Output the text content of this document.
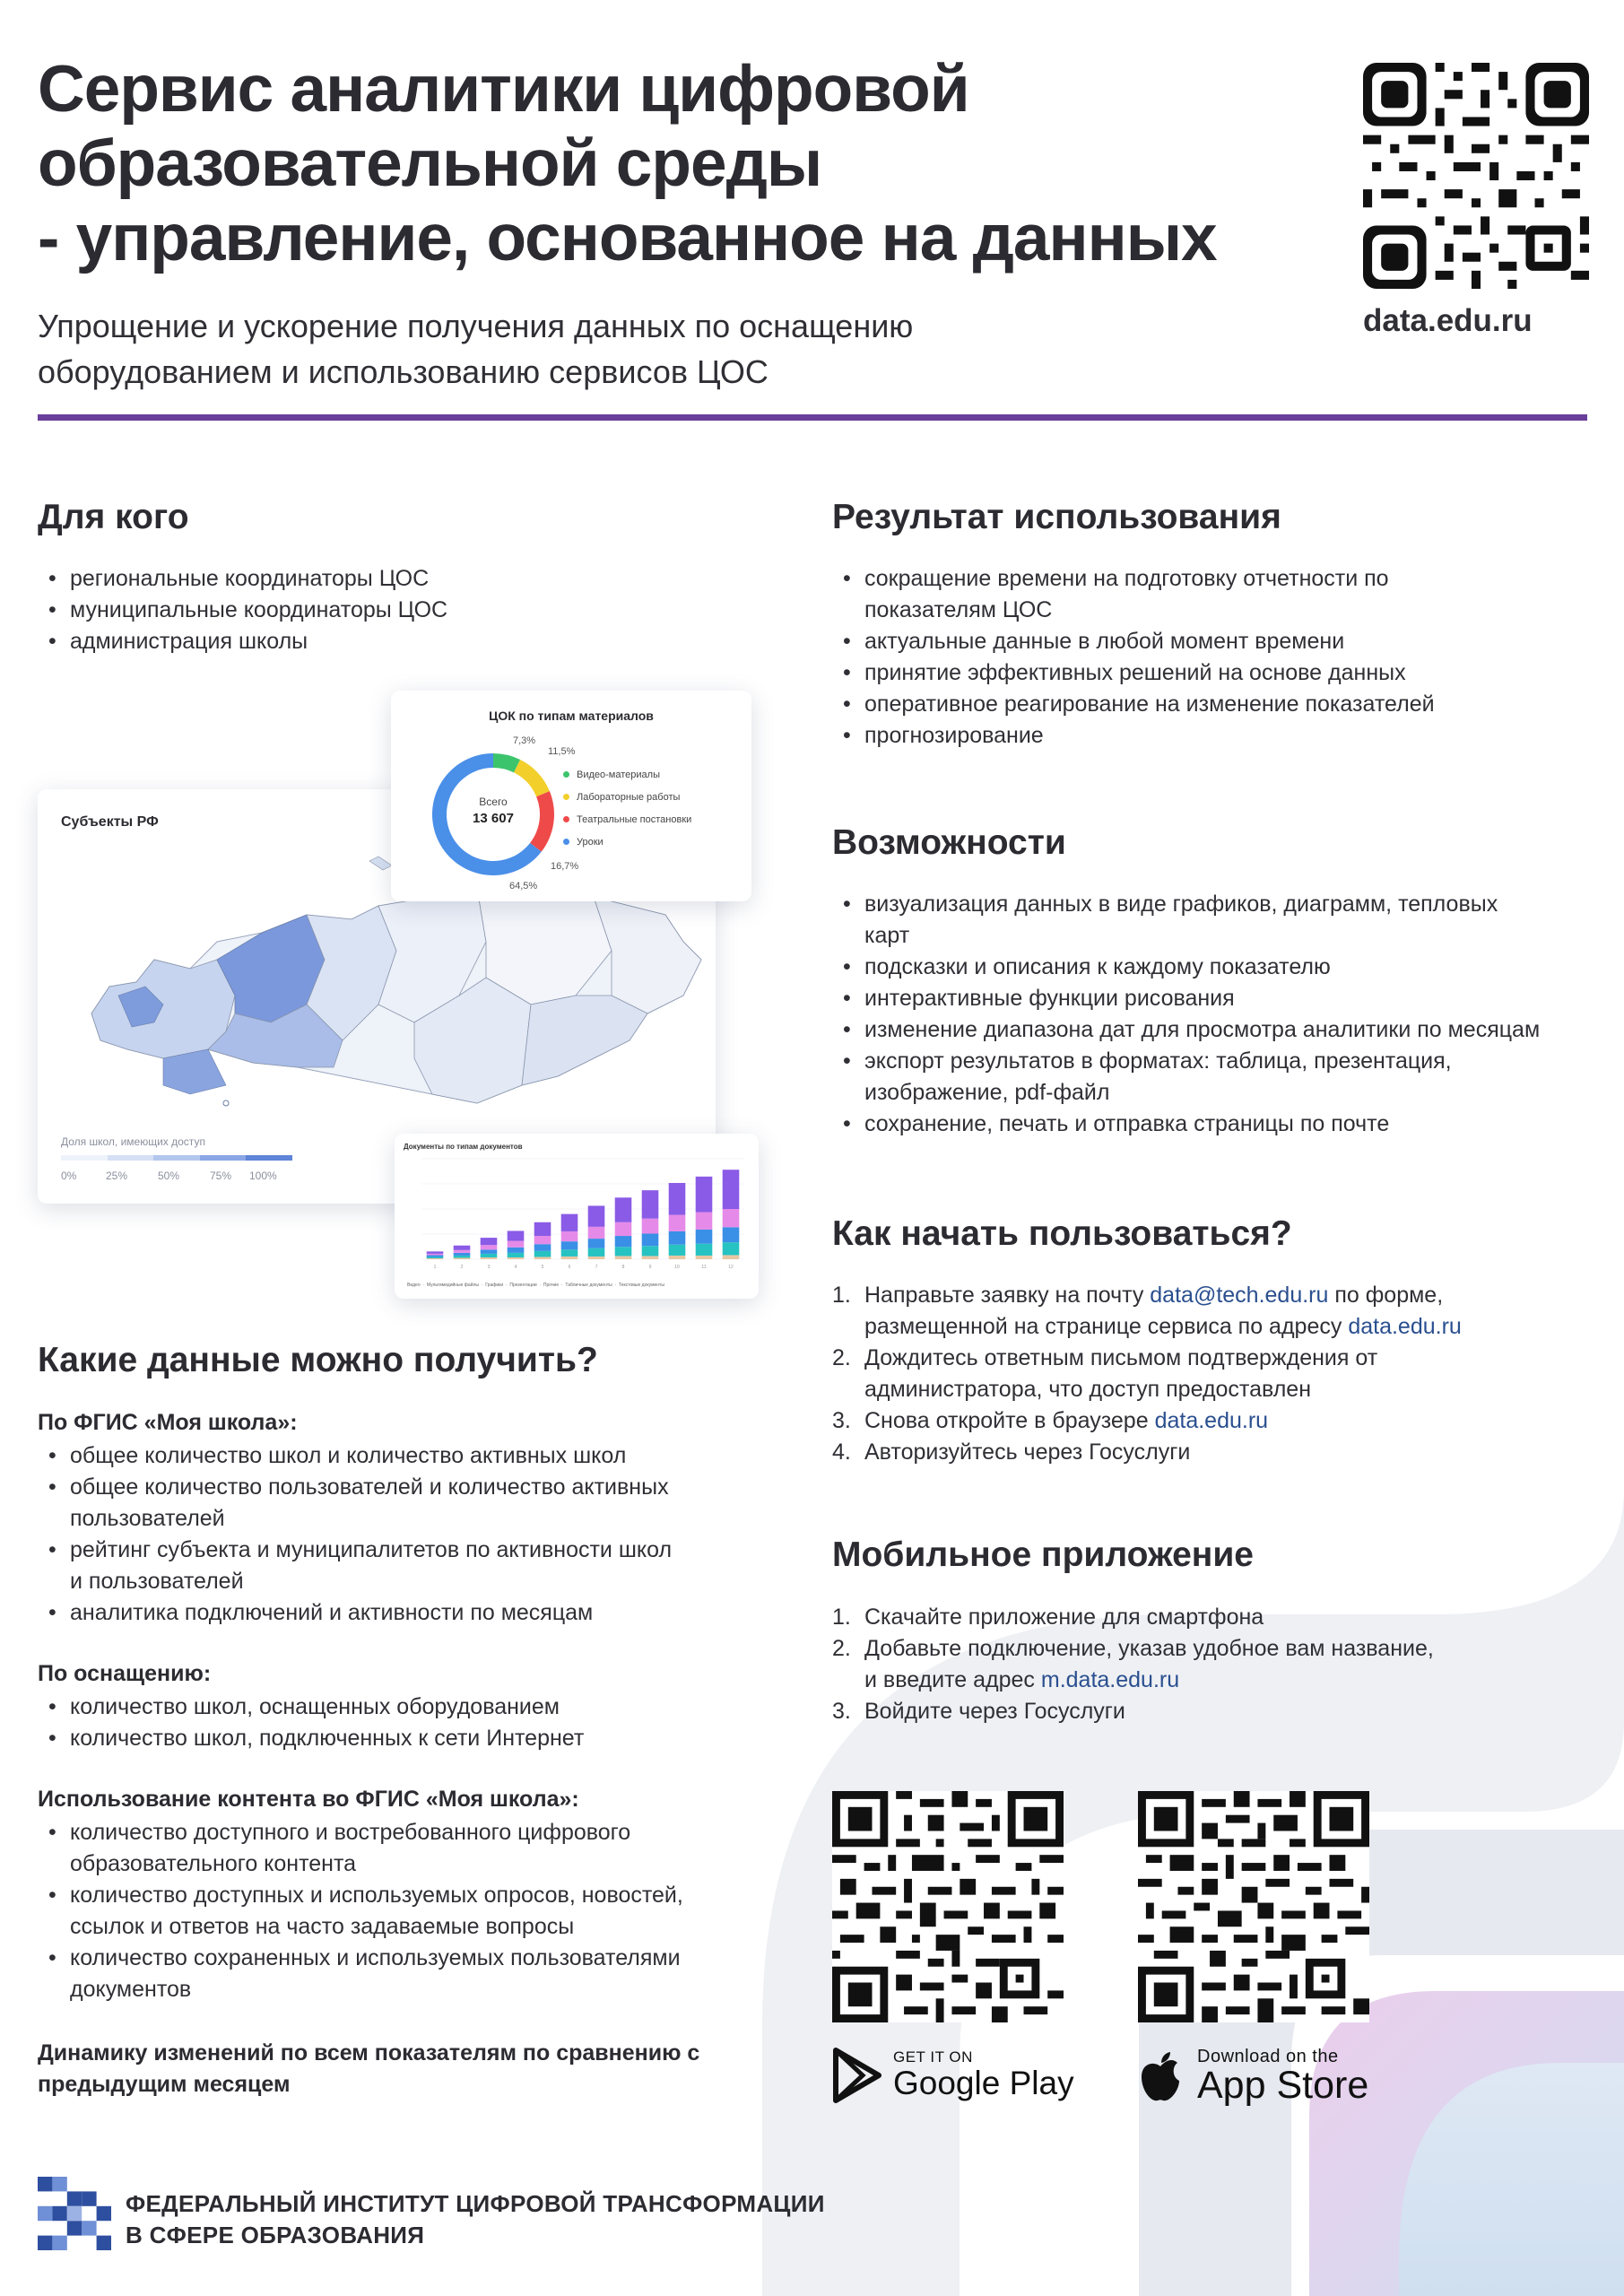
Сервис аналитики цифровой
образовательной среды
- управление, основанное на данных
Упрощение и ускорение получения данных по оснащению
оборудованием и использованию сервисов ЦОС
data.edu.ru
Для кого
• региональные координаторы ЦОС
• муниципальные координаторы ЦОС
• администрация школы
Субъекты РФ
Доля школ, имеющих доступ
0%	25%	50%	75% 100%
ЦОК по типам материалов
Всего
13 607
7,3%
11,5%
16,7%
64,5%
Видео-материалы
Лабораторные работы
Театральные постановки
Уроки
Документы по типам документов
1	2	3	4	5	6	7	8	9	10	11	12
Видео  ·  Мультимедийные файлы  ·  Графики  ·  Презентации  ·  Прочие  ·  Табличные документы  ·  Текстовые документы
Результат использования
• сокращение времени на подготовку отчетности по
показателям ЦОС
• актуальные данные в любой момент времени
• принятие эффективных решений на основе данных
• оперативное реагирование на изменение показателей
• прогнозирование
Возможности
• визуализация данных в виде графиков, диаграмм, тепловых
карт
• подсказки и описания к каждому показателю
• интерактивные функции рисования
• изменение диапазона дат для просмотра аналитики по месяцам
• экспорт результатов в форматах: таблица, презентация,
изображение, pdf-файл
• сохранение, печать и отправка страницы по почте
Как начать пользоваться?
1. Направьте заявку на почту data@tech.edu.ru по форме,
размещенной на странице сервиса по адресу data.edu.ru
2. Дождитесь ответным письмом подтверждения от
администратора, что доступ предоставлен
3. Снова откройте в браузере data.edu.ru
4. Авторизуйтесь через Госуслуги
Мобильное приложение
1. Скачайте приложение для смартфона
2. Добавьте подключение, указав удобное вам название,
и введите адрес m.data.edu.ru
3. Войдите через Госуслуги
GET IT ON
Google Play
Download on the
App Store
Какие данные можно получить?
По ФГИС «Моя школа»:
• общее количество школ и количество активных школ
• общее количество пользователей и количество активных
пользователей
• рейтинг субъекта и муниципалитетов по активности школ
и пользователей
• аналитика подключений и активности по месяцам
По оснащению:
• количество школ, оснащенных оборудованием
• количество школ, подключенных к сети Интернет
Использование контента во ФГИС «Моя школа»:
• количество доступного и востребованного цифрового
образовательного контента
• количество доступных и используемых опросов, новостей,
ссылок и ответов на часто задаваемые вопросы
• количество сохраненных и используемых пользователями
документов
Динамику изменений по всем показателям по сравнению с
предыдущим месяцем
ФЕДЕРАЛЬНЫЙ ИНСТИТУТ ЦИФРОВОЙ ТРАНСФОРМАЦИИ
В СФЕРЕ ОБРАЗОВАНИЯ
